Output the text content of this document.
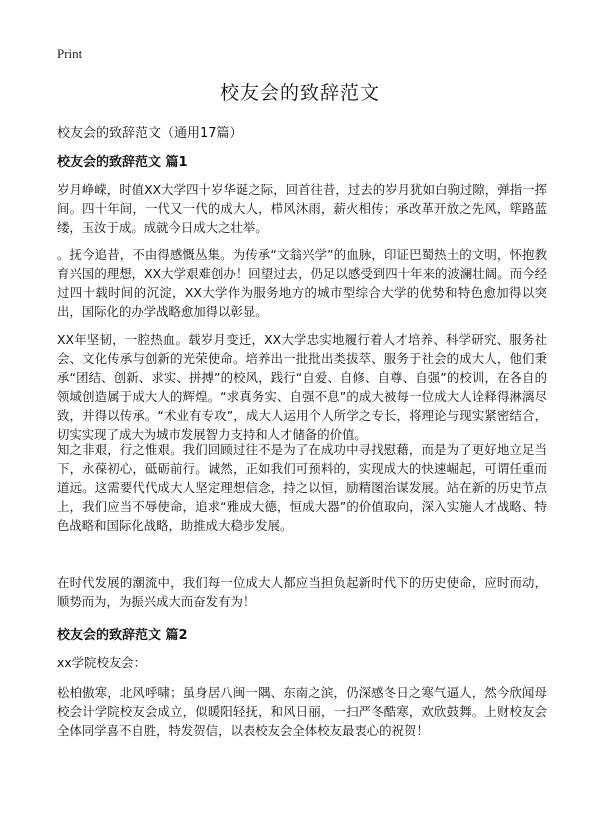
Print
校友会的致辞范文
校友会的致辞范文（通用17篇）
校友会的致辞范文 篇1

岁月峥嵘，时值XX大学四十岁华诞之际，回首往昔，过去的岁月犹如白驹过隙，弹指一挥间。四十年间，一代又一代的成大人，栉风沐雨，薪火相传；承改革开放之先风，筚路蓝缕，玉汝于成。成就今日成大之壮举。

。抚今追昔，不由得感慨丛集。为传承“文翁兴学”的血脉，印证巴蜀热土的文明，怀抱教育兴国的理想，XX大学艰难创办！回望过去，仍足以感受到四十年来的波澜壮阔。而今经过四十载时间的沉淀，XX大学作为服务地方的城市型综合大学的优势和特色愈加得以突出，国际化的办学战略愈加得以彰显。

XX年坚韧，一腔热血。载岁月变迁，XX大学忠实地履行着人才培养、科学研究、服务社会、文化传承与创新的光荣使命。培养出一批批出类拔萃、服务于社会的成大人，他们秉承“团结、创新、求实、拼搏”的校风，践行“自爱、自修、自尊、自强”的校训，在各自的领域创造属于成大人的辉煌。“求真务实、自强不息”的成大被每一位成大人诠释得淋漓尽致，并得以传承。“术业有专攻”，成大人运用个人所学之专长，将理论与现实紧密结合，切实实现了成大为城市发展智力支持和人才储备的价值。

知之非艰，行之惟艰。我们回顾过往不是为了在成功中寻找慰藉，而是为了更好地立足当下，永葆初心，砥砺前行。诚然，正如我们可预料的，实现成大的快速崛起，可谓任重而道远。这需要代代成大人坚定理想信念，持之以恒，励精图治谋发展。站在新的历史节点上，我们应当不辱使命，追求“雅成大德，恒成大器”的价值取向，深入实施人才战略、特色战略和国际化战略，助推成大稳步发展。

在时代发展的潮流中，我们每一位成大人都应当担负起新时代下的历史使命，应时而动，顺势而为，为振兴成大而奋发有为！

校友会的致辞范文 篇2
xx学院校友会：

松柏傲寒，北风呼啸；虽身居八闽一隅、东南之滨，仍深感冬日之寒气逼人，然今欣闻母校会计学院校友会成立，似暖阳轻抚，和风日丽，一扫严冬酷寒，欢欣鼓舞。上财校友会全体同学喜不自胜，特发贺信，以表校友会全体校友最衷心的祝贺！
